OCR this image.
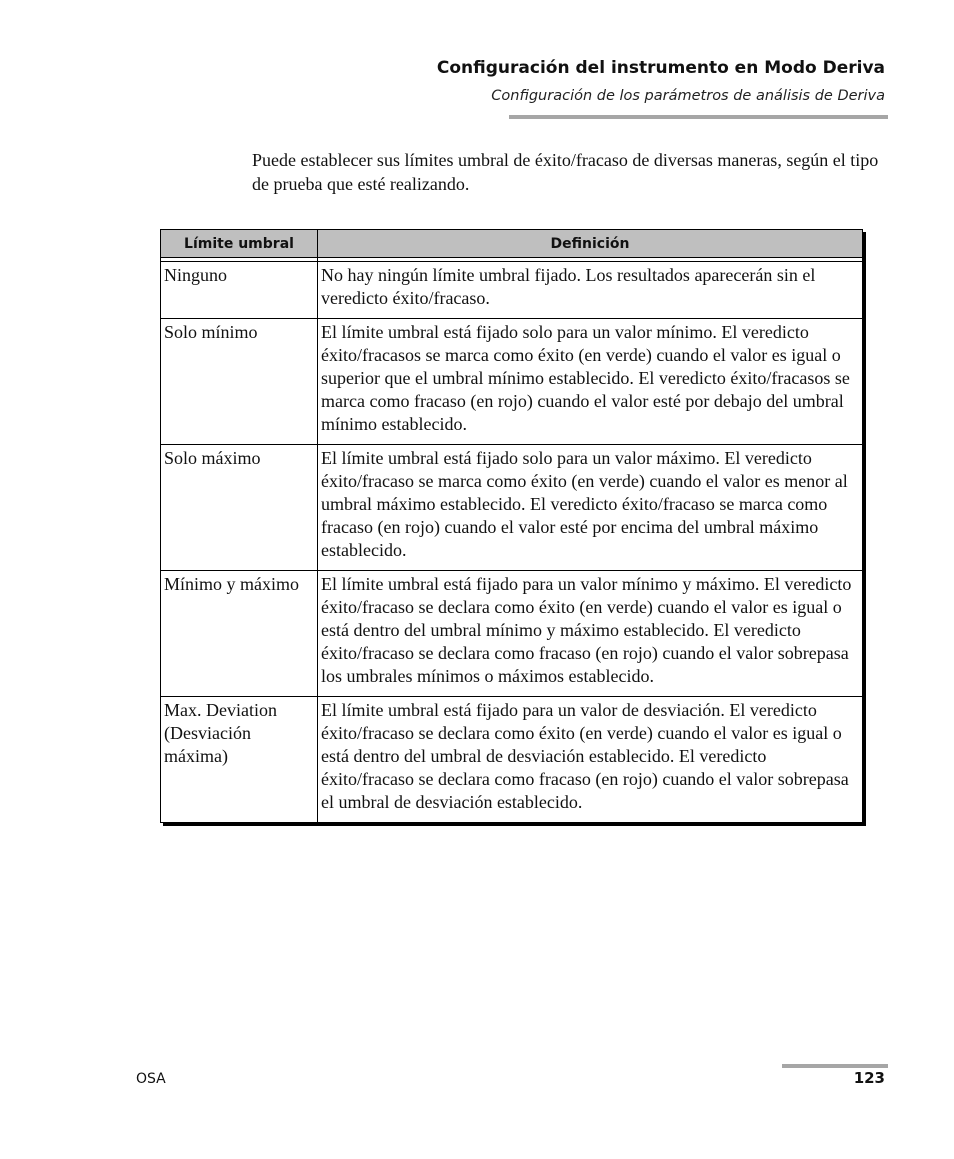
Configuración del instrumento en Modo Deriva
Configuración de los parámetros de análisis de Deriva

Puede establecer sus límites umbral de éxito/fracaso de diversas maneras, según el tipo de prueba que esté realizando.

Límite umbral	Definición

Ninguno	No hay ningún límite umbral fijado. Los resultados aparecerán sin el veredicto éxito/fracaso.
Solo mínimo	El límite umbral está fijado solo para un valor mínimo. El veredicto éxito/fracasos se marca como éxito (en verde) cuando el valor es igual o superior que el umbral mínimo establecido. El veredicto éxito/fracasos se marca como fracaso (en rojo) cuando el valor esté por debajo del umbral mínimo establecido.
Solo máximo	El límite umbral está fijado solo para un valor máximo. El veredicto éxito/fracaso se marca como éxito (en verde) cuando el valor es menor al umbral máximo establecido. El veredicto éxito/fracaso se marca como fracaso (en rojo) cuando el valor esté por encima del umbral máximo establecido.
Mínimo y máximo	El límite umbral está fijado para un valor mínimo y máximo. El veredicto éxito/fracaso se declara como éxito (en verde) cuando el valor es igual o está dentro del umbral mínimo y máximo establecido. El veredicto éxito/fracaso se declara como fracaso (en rojo) cuando el valor sobrepasa los umbrales mínimos o máximos establecido.
Max. Deviation (Desviación máxima)	El límite umbral está fijado para un valor de desviación. El veredicto éxito/fracaso se declara como éxito (en verde) cuando el valor es igual o está dentro del umbral de desviación establecido. El veredicto éxito/fracaso se declara como fracaso (en rojo) cuando el valor sobrepasa el umbral de desviación establecido.
OSA	123
